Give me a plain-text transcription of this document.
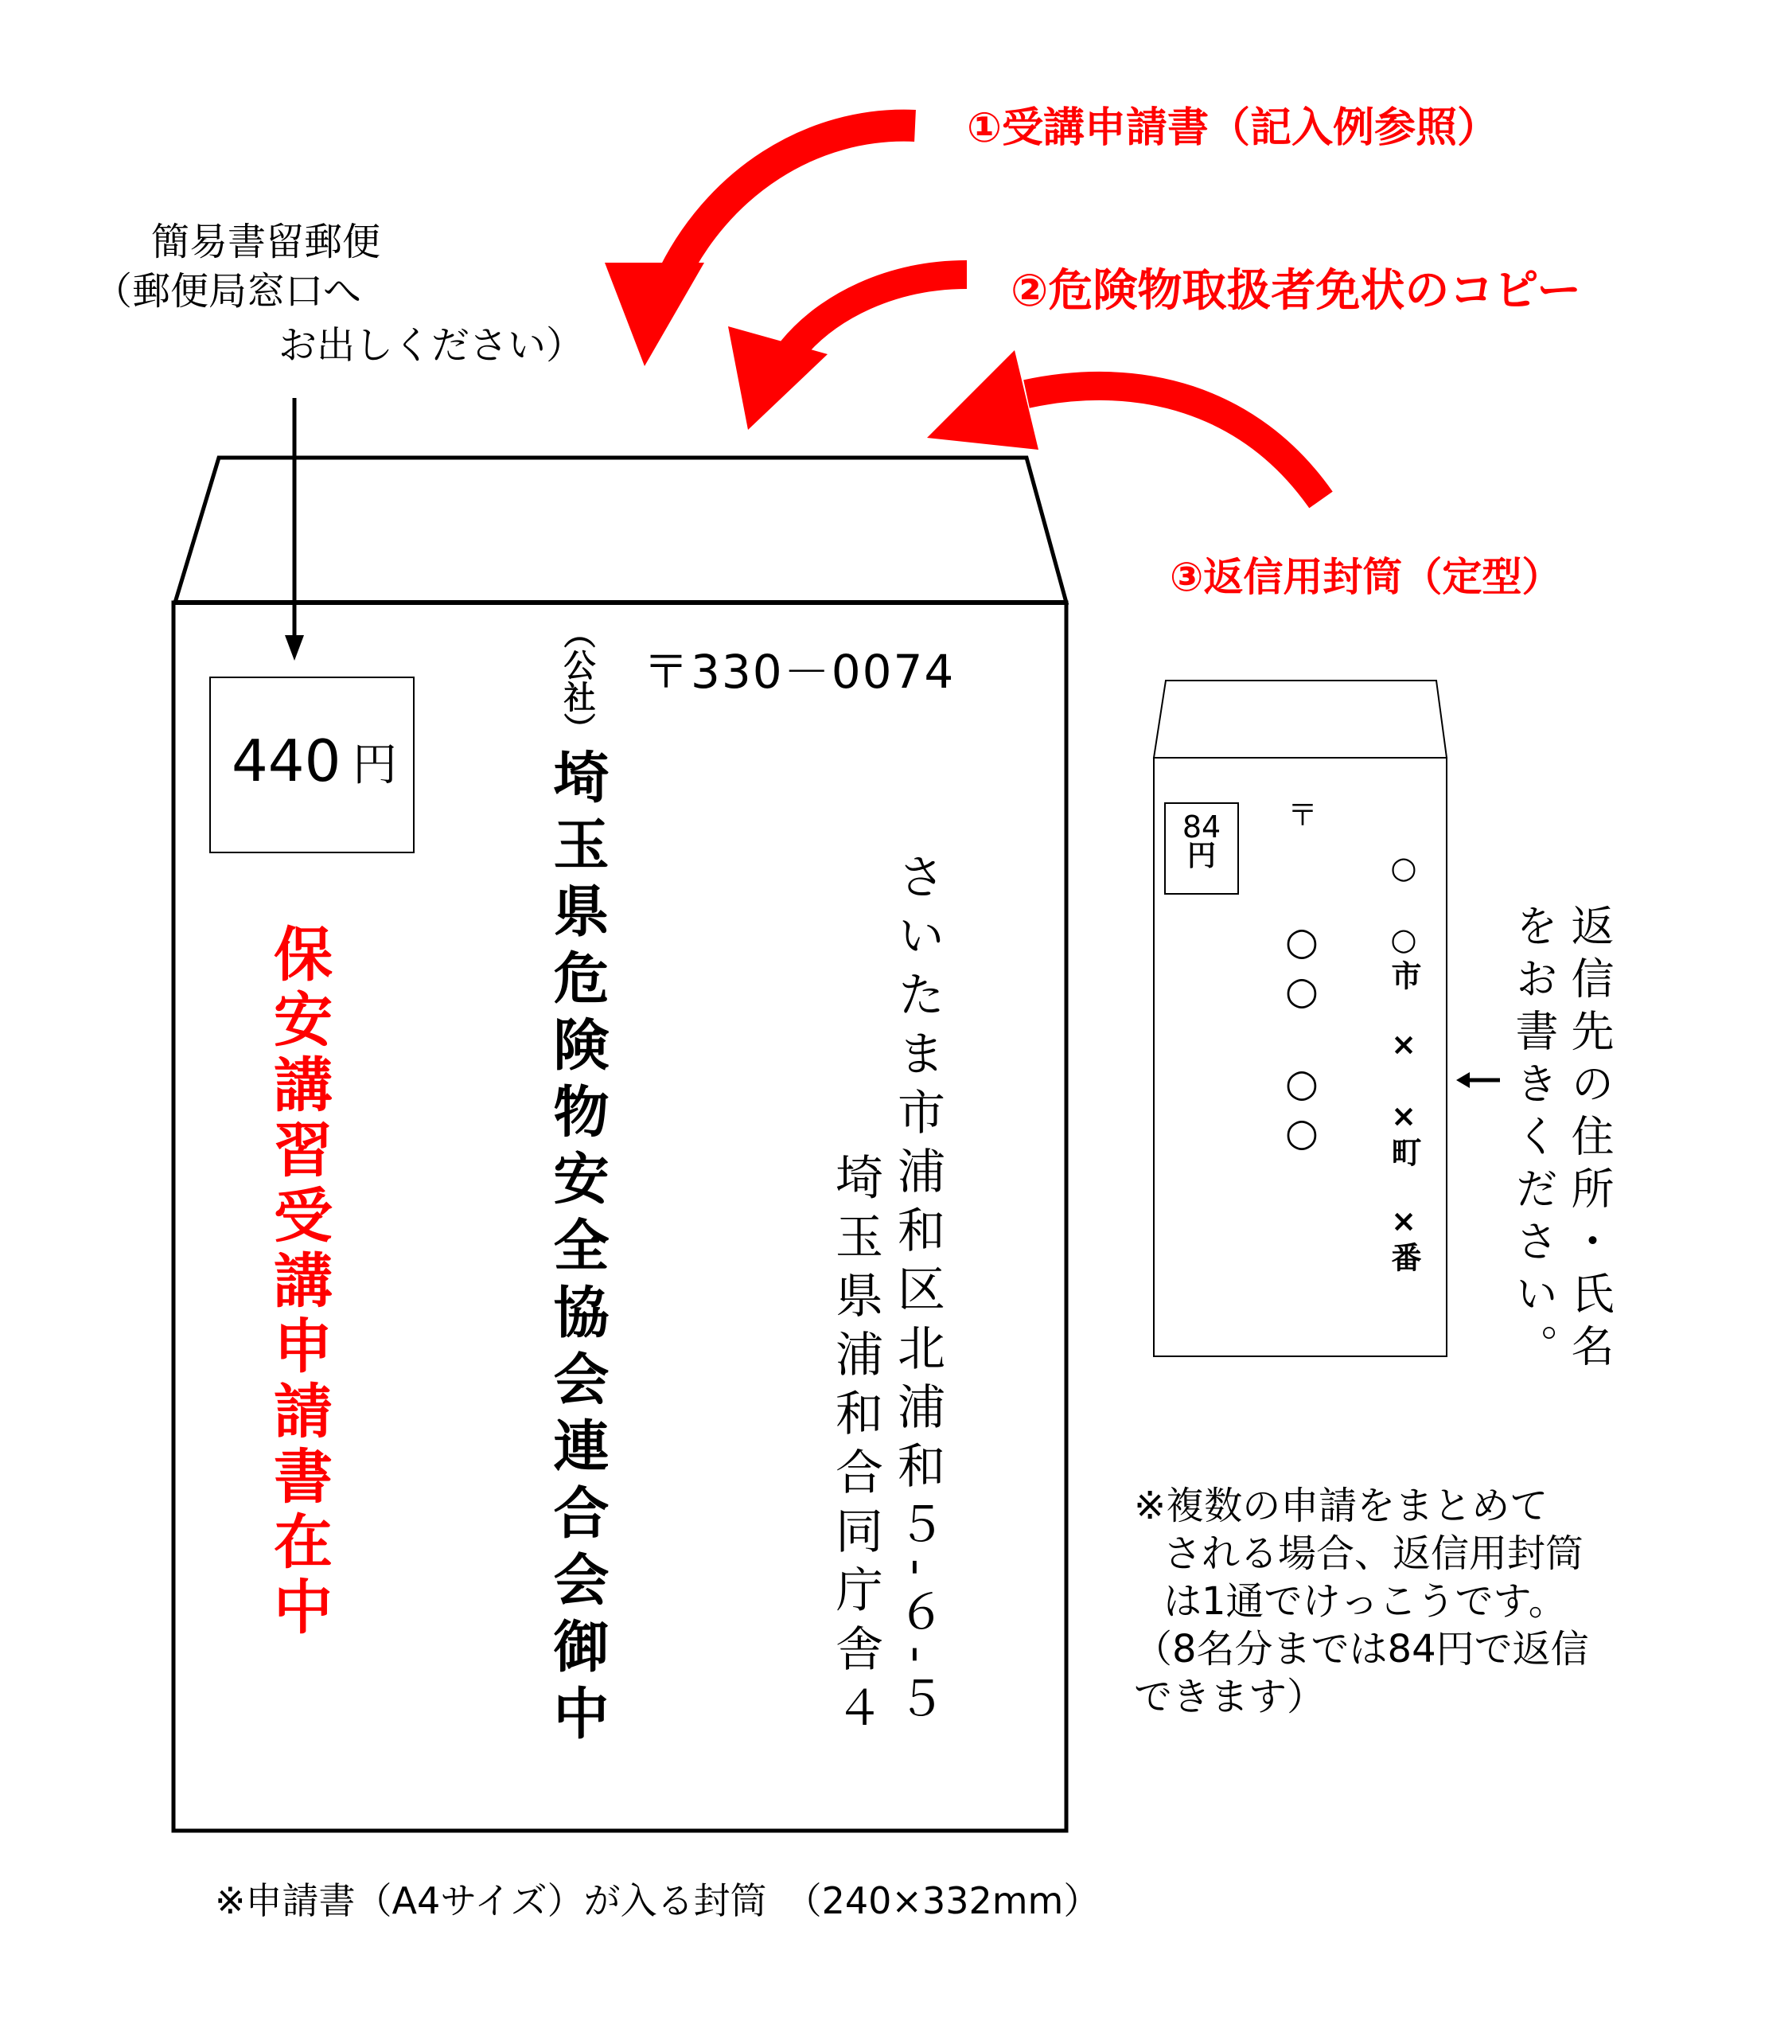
①受講申請書（記入例参照）
②危険物取扱者免状のコピー
③返信用封筒（定型）
簡易書留郵便
（郵便局窓口へ
お出しください）
440 円
保安講習受講申請書在中
（公社）
埼玉県危険物安全協会連合会御中
〒330－0074
さいたま市浦和区北浦和５-６-５
埼玉県浦和合同庁舎４
※申請書（A4サイズ）が入る封筒　（240×332mm）
84
円
〒
○　○市　×　×町　×番
○○　○○	返信先の住所・氏名
をお書きください。
※複数の申請をまとめて
される場合、返信用封筒
は1通でけっこうです。
（8名分までは84円で返信
できます）
